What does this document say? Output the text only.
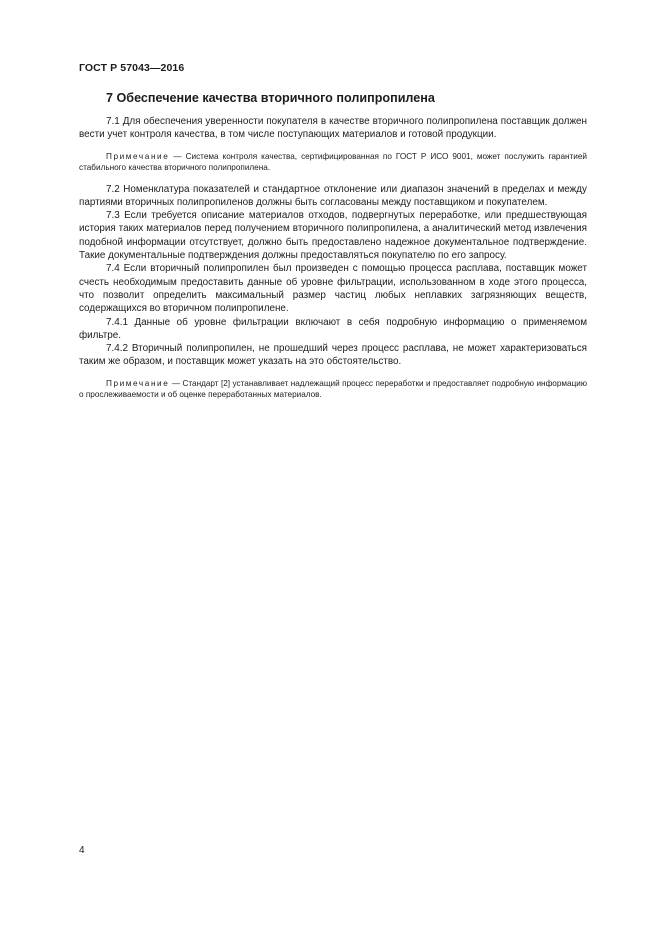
ГОСТ Р 57043—2016
7 Обеспечение качества вторичного полипропилена

7.1 Для обеспечения уверенности покупателя в качестве вторичного полипропилена поставщик должен вести учет контроля качества, в том числе поступающих материалов и готовой продукции.

Примечание — Система контроля качества, сертифицированная по ГОСТ Р ИСО 9001, может послужить гарантией стабильного качества вторичного полипропилена.

7.2 Номенклатура показателей и стандартное отклонение или диапазон значений в пределах и между партиями вторичных полипропиленов должны быть согласованы между поставщиком и покупателем.

7.3 Если требуется описание материалов отходов, подвергнутых переработке, или предшествующая история таких материалов перед получением вторичного полипропилена, а аналитический метод извлечения подобной информации отсутствует, должно быть предоставлено надежное документальное подтверждение. Такие документальные подтверждения должны предоставляться покупателю по его запросу.

7.4 Если вторичный полипропилен был произведен с помощью процесса расплава, поставщик может счесть необходимым предоставить данные об уровне фильтрации, использованном в ходе этого процесса, что позволит определить максимальный размер частиц любых неплавких загрязняющих веществ, содержащихся во вторичном полипропилене.

7.4.1 Данные об уровне фильтрации включают в себя подробную информацию о применяемом фильтре.

7.4.2 Вторичный полипропилен, не прошедший через процесс расплава, не может характеризоваться таким же образом, и поставщик может указать на это обстоятельство.

Примечание — Стандарт [2] устанавливает надлежащий процесс переработки и предоставляет подробную информацию о прослеживаемости и об оценке переработанных материалов.

4
